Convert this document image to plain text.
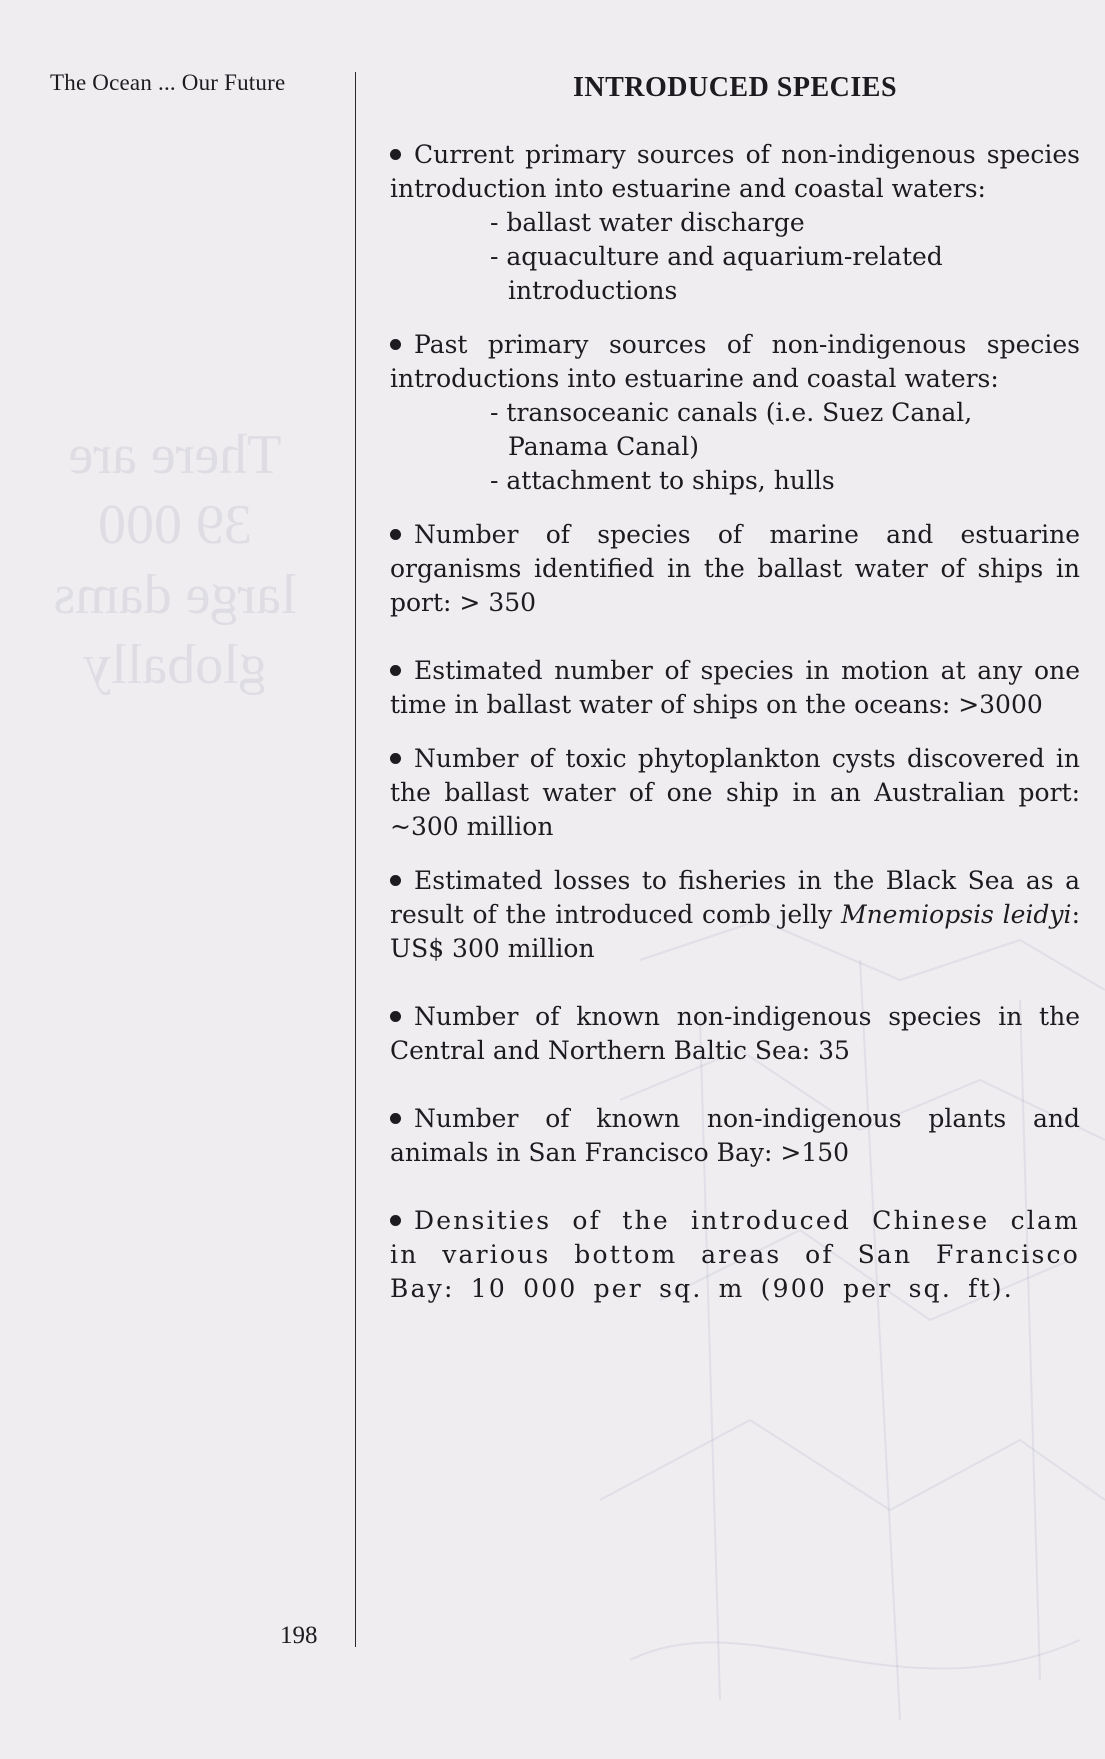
There are
39 000
large dams
globally
The Ocean ... Our Future
198
INTRODUCED SPECIES
Current primary sources of non-indigenous species introduction into estuarine and coastal waters:
- ballast water discharge
- aquaculture and aquarium-related introductions
Past primary sources of non-indigenous species introductions into estuarine and coastal waters:
- transoceanic canals (i.e. Suez Canal, Panama Canal)
- attachment to ships, hulls
Number of species of marine and estuarine organisms identified in the ballast water of ships in port: > 350
Estimated number of species in motion at any one time in ballast water of ships on the oceans: >3000
Number of toxic phytoplankton cysts discovered in the ballast water of one ship in an Australian port: ~300 million
Estimated losses to fisheries in the Black Sea as a result of the introduced comb jelly Mnemiopsis leidyi: US$ 300 million
Number of known non-indigenous species in the Central and Northern Baltic Sea: 35
Number of known non-indigenous plants and animals in San Francisco Bay: >150
Densities of the introduced Chinese clam in various bottom areas of San Francisco Bay: 10 000 per sq. m (900 per sq. ft).
